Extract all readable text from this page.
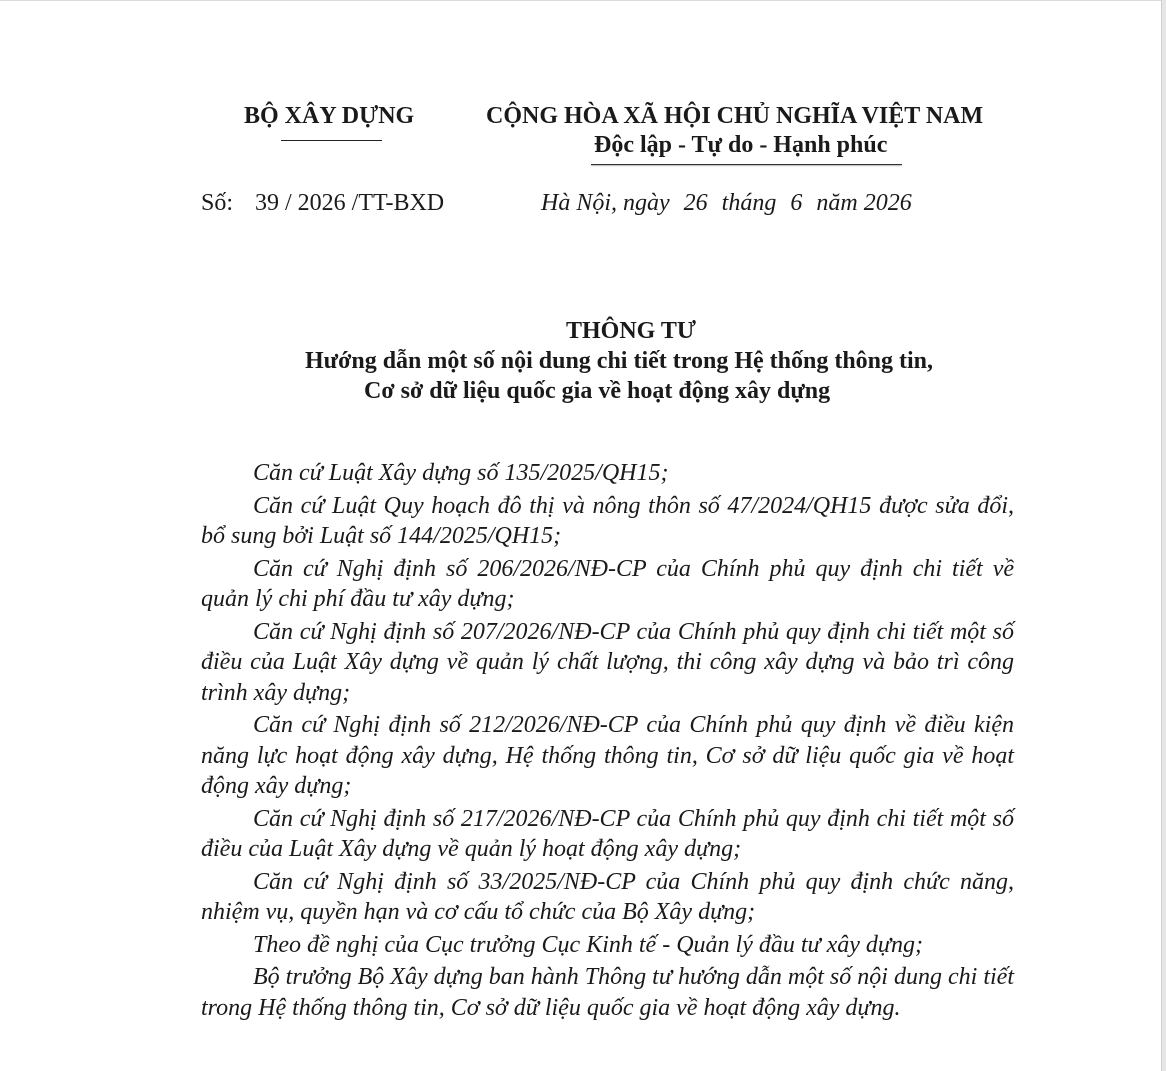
BỘ XÂY DỰNG	CỘNG HÒA XÃ HỘI CHỦ NGHĨA VIỆT NAM
Độc lập - Tự do - Hạnh phúc
Số: 39 / 2026 /TT-BXD	Hà Nội, ngày 26 tháng 6 năm 2026
THÔNG TƯ
Hướng dẫn một số nội dung chi tiết trong Hệ thống thông tin,
Cơ sở dữ liệu quốc gia về hoạt động xây dựng

Căn cứ Luật Xây dựng số 135/2025/QH15;

Căn cứ Luật Quy hoạch đô thị và nông thôn số 47/2024/QH15 được sửa đổi, bổ sung bởi Luật số 144/2025/QH15;

Căn cứ Nghị định số 206/2026/NĐ-CP của Chính phủ quy định chi tiết về quản lý chi phí đầu tư xây dựng;

Căn cứ Nghị định số 207/2026/NĐ-CP của Chính phủ quy định chi tiết một số điều của Luật Xây dựng về quản lý chất lượng, thi công xây dựng và bảo trì công trình xây dựng;

Căn cứ Nghị định số 212/2026/NĐ-CP của Chính phủ quy định về điều kiện năng lực hoạt động xây dựng, Hệ thống thông tin, Cơ sở dữ liệu quốc gia về hoạt động xây dựng;

Căn cứ Nghị định số 217/2026/NĐ-CP của Chính phủ quy định chi tiết một số điều của Luật Xây dựng về quản lý hoạt động xây dựng;

Căn cứ Nghị định số 33/2025/NĐ-CP của Chính phủ quy định chức năng, nhiệm vụ, quyền hạn và cơ cấu tổ chức của Bộ Xây dựng;

Theo đề nghị của Cục trưởng Cục Kinh tế - Quản lý đầu tư xây dựng;

Bộ trưởng Bộ Xây dựng ban hành Thông tư hướng dẫn một số nội dung chi tiết trong Hệ thống thông tin, Cơ sở dữ liệu quốc gia về hoạt động xây dựng.
